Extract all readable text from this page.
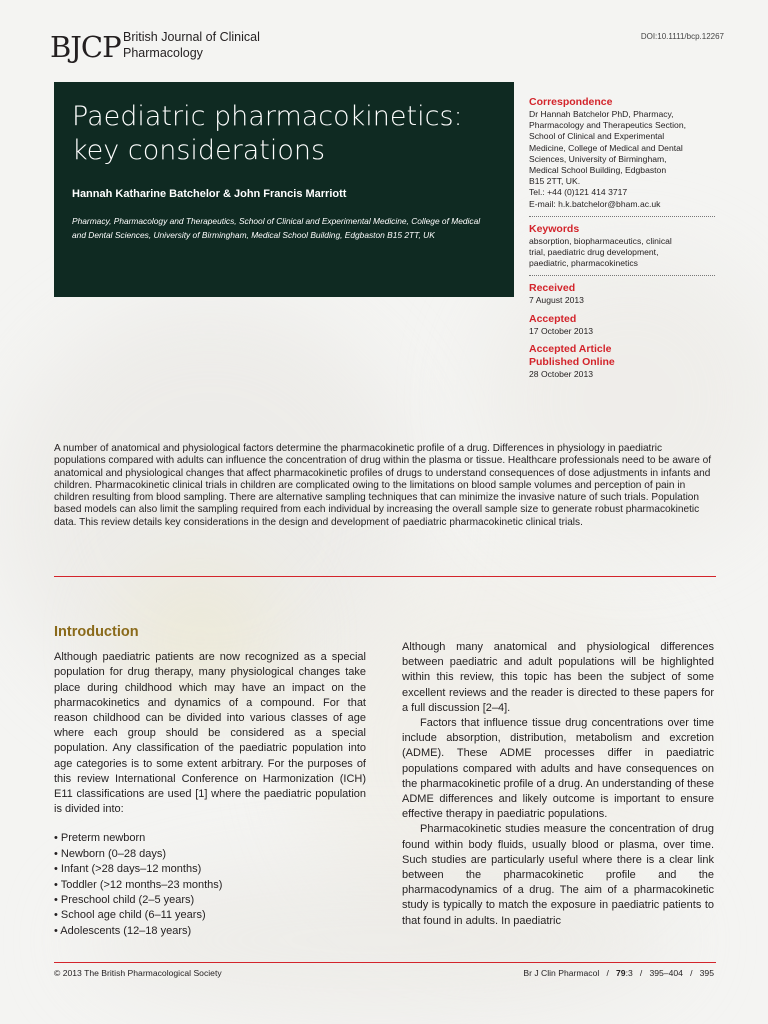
BJCP British Journal of Clinical
Pharmacology
DOI:10.1111/bcp.12267
Paediatric pharmacokinetics:
key considerations
Hannah Katharine Batchelor & John Francis Marriott
Pharmacy, Pharmacology and Therapeutics, School of Clinical and Experimental Medicine, College of Medical and Dental Sciences, University of Birmingham, Medical School Building, Edgbaston B15 2TT, UK
Correspondence
Dr Hannah Batchelor PhD, Pharmacy,
Pharmacology and Therapeutics Section,
School of Clinical and Experimental
Medicine, College of Medical and Dental
Sciences, University of Birmingham,
Medical School Building, Edgbaston
B15 2TT, UK.
Tel.: +44 (0)121 414 3717
E-mail: h.k.batchelor@bham.ac.uk
Keywords
absorption, biopharmaceutics, clinical
trial, paediatric drug development,
paediatric, pharmacokinetics
Received
7 August 2013
Accepted
17 October 2013
Accepted Article
Published Online
28 October 2013
A number of anatomical and physiological factors determine the pharmacokinetic profile of a drug. Differences in physiology in paediatric populations compared with adults can influence the concentration of drug within the plasma or tissue. Healthcare professionals need to be aware of anatomical and physiological changes that affect pharmacokinetic profiles of drugs to understand consequences of dose adjustments in infants and children. Pharmacokinetic clinical trials in children are complicated owing to the limitations on blood sample volumes and perception of pain in children resulting from blood sampling. There are alternative sampling techniques that can minimize the invasive nature of such trials. Population based models can also limit the sampling required from each individual by increasing the overall sample size to generate robust pharmacokinetic data. This review details key considerations in the design and development of paediatric pharmacokinetic clinical trials.
Introduction

Although paediatric patients are now recognized as a special population for drug therapy, many physiological changes take place during childhood which may have an impact on the pharmacokinetics and dynamics of a compound. For that reason childhood can be divided into various classes of age where each group should be considered as a special population. Any classification of the paediatric population into age categories is to some extent arbitrary. For the purposes of this review International Conference on Harmonization (ICH) E11 classifications are used [1] where the paediatric population is divided into:

• Preterm newborn
• Newborn (0–28 days)
• Infant (>28 days–12 months)
• Toddler (>12 months–23 months)
• Preschool child (2–5 years)
• School age child (6–11 years)
• Adolescents (12–18 years)

Although many anatomical and physiological differences between paediatric and adult populations will be highlighted within this review, this topic has been the subject of some excellent reviews and the reader is directed to these papers for a full discussion [2–4].

Factors that influence tissue drug concentrations over time include absorption, distribution, metabolism and excretion (ADME). These ADME processes differ in paediatric populations compared with adults and have consequences on the pharmacokinetic profile of a drug. An understanding of these ADME differences and likely outcome is important to ensure effective therapy in paediatric populations.

Pharmacokinetic studies measure the concentration of drug found within body fluids, usually blood or plasma, over time. Such studies are particularly useful where there is a clear link between the pharmacokinetic profile and the pharmacodynamics of a drug. The aim of a pharmacokinetic study is typically to match the exposure in paediatric patients to that found in adults. In paediatric

© 2013 The British Pharmacological Society	Br J Clin Pharmacol   /   79:3   /   395–404   /   395
